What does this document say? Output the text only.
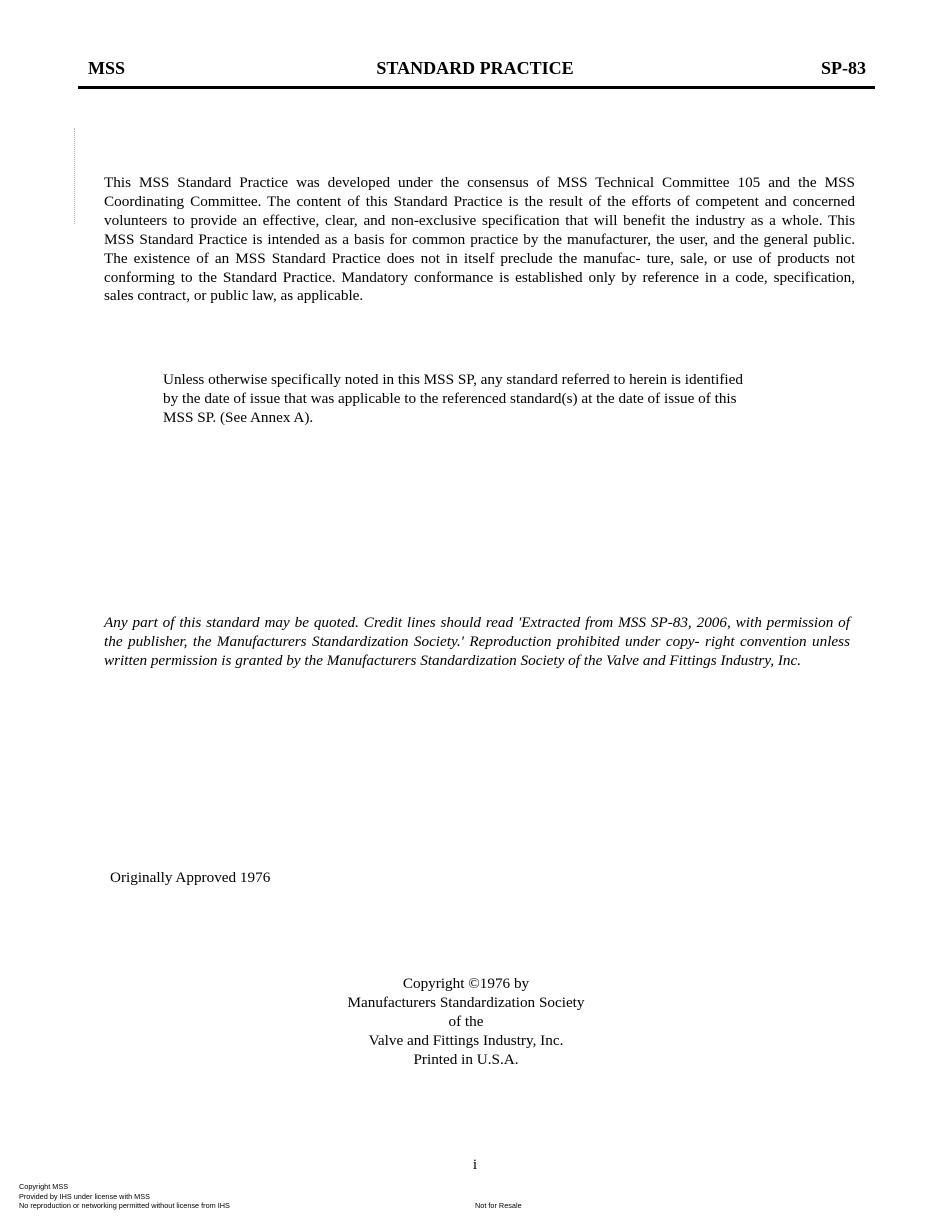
MSS	STANDARD PRACTICE	SP-83

This MSS Standard Practice was developed under the consensus of MSS Technical Committee 105 and the MSS Coordinating Committee. The content of this Standard Practice is the result of the efforts of competent and concerned volunteers to provide an effective, clear, and non-exclusive specification that will benefit the industry as a whole. This MSS Standard Practice is intended as a basis for common practice by the manufacturer, the user, and the general public. The existence of an MSS Standard Practice does not in itself preclude the manufac- ture, sale, or use of products not conforming to the Standard Practice. Mandatory conformance is established only by reference in a code, specification, sales contract, or public law, as applicable.

Unless otherwise specifically noted in this MSS SP, any standard referred to herein is identified by the date of issue that was applicable to the referenced standard(s) at the date of issue of this MSS SP. (See Annex A).

Any part of this standard may be quoted. Credit lines should read 'Extracted from MSS SP-83, 2006, with permission of the publisher, the Manufacturers Standardization Society.' Reproduction prohibited under copy- right convention unless written permission is granted by the Manufacturers Standardization Society of the Valve and Fittings Industry, Inc.

Originally Approved 1976
Copyright ©1976 by
Manufacturers Standardization Society
of the
Valve and Fittings Industry, Inc.
Printed in U.S.A.
i
Copyright MSS
Provided by IHS under license with MSS
No reproduction or networking permitted without license from IHS	Not for Resale
